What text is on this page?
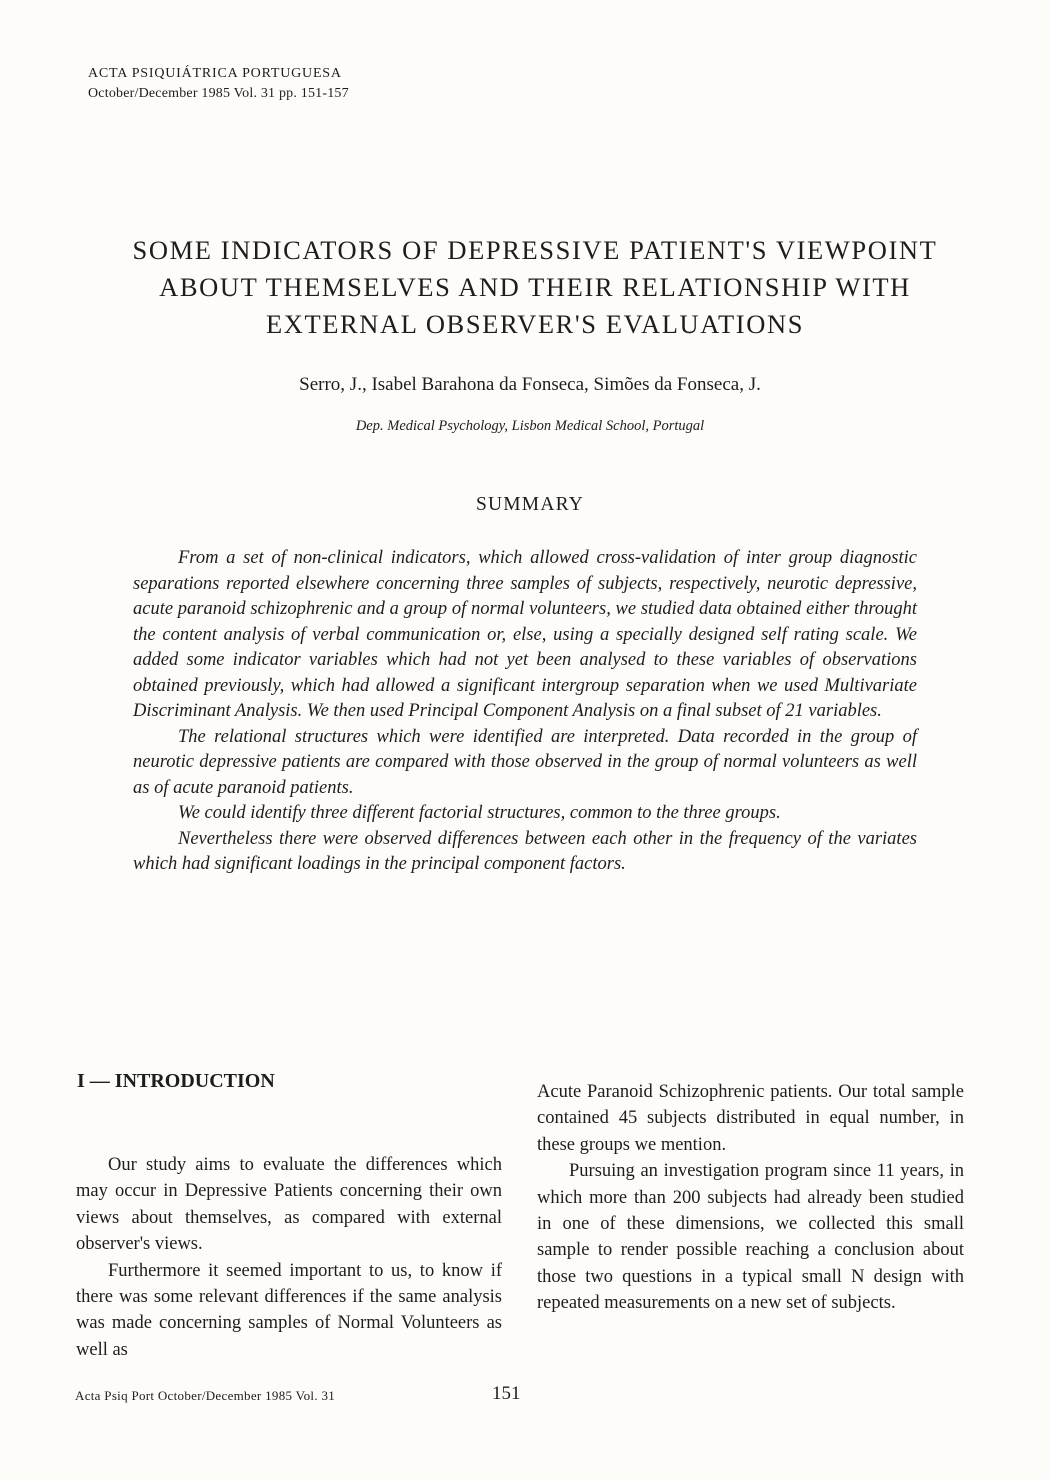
ACTA PSIQUIÁTRICA PORTUGUESA
October/December 1985 Vol. 31 pp. 151-157
SOME INDICATORS OF DEPRESSIVE PATIENT'S VIEWPOINT
ABOUT THEMSELVES AND THEIR RELATIONSHIP WITH
EXTERNAL OBSERVER'S EVALUATIONS
Serro, J., Isabel Barahona da Fonseca, Simões da Fonseca, J.
Dep. Medical Psychology, Lisbon Medical School, Portugal
SUMMARY

From a set of non-clinical indicators, which allowed cross-validation of inter group diagnostic separations reported elsewhere concerning three samples of subjects, respectively, neurotic depressive, acute paranoid schizophrenic and a group of normal volunteers, we studied data obtained either throught the content analysis of verbal communication or, else, using a specially designed self rating scale. We added some indicator variables which had not yet been analysed to these variables of observations obtained previously, which had allowed a significant intergroup separation when we used Multivariate Discriminant Analysis. We then used Principal Component Analysis on a final subset of 21 variables.

The relational structures which were identified are interpreted. Data recorded in the group of neurotic depressive patients are compared with those observed in the group of normal volunteers as well as of acute paranoid patients.

We could identify three different factorial structures, common to the three groups.

Nevertheless there were observed differences between each other in the frequency of the variates which had significant loadings in the principal component factors.

I — INTRODUCTION

Our study aims to evaluate the differences which may occur in Depressive Patients concerning their own views about themselves, as compared with external observer's views.

Furthermore it seemed important to us, to know if there was some relevant differences if the same analysis was made concerning samples of Normal Volunteers as well as

Acute Paranoid Schizophrenic patients. Our total sample contained 45 subjects distributed in equal number, in these groups we mention.

Pursuing an investigation program since 11 years, in which more than 200 subjects had already been studied in one of these dimensions, we collected this small sample to render possible reaching a conclusion about those two questions in a typical small N design with repeated measurements on a new set of subjects.

Acta Psiq Port October/December 1985 Vol. 31	151
